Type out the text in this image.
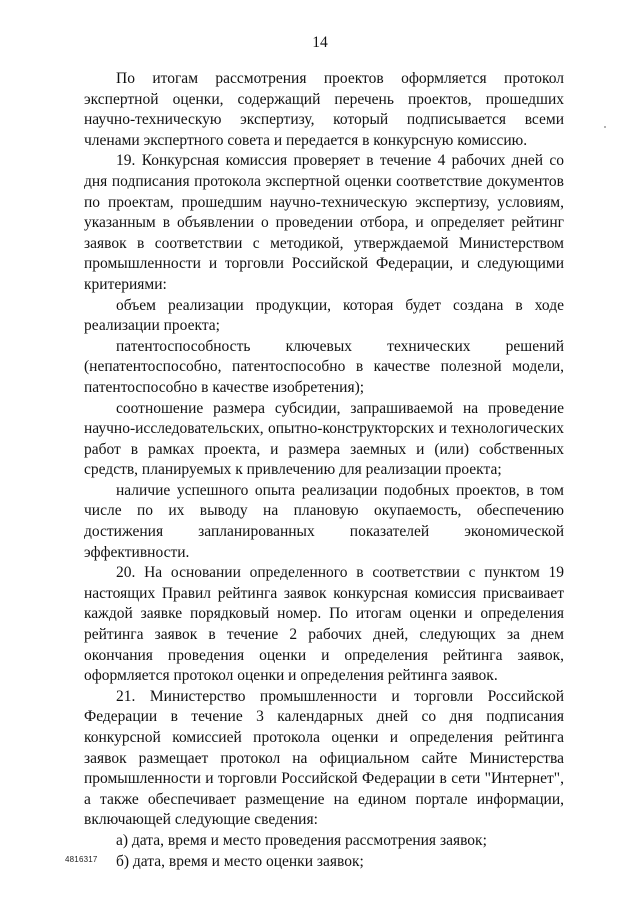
14

По итогам рассмотрения проектов оформляется протокол экспертной оценки, содержащий перечень проектов, прошедших научно-техническую экспертизу, который подписывается всеми членами экспертного совета и передается в конкурсную комиссию.

19. Конкурсная комиссия проверяет в течение 4 рабочих дней со дня подписания протокола экспертной оценки соответствие документов по проектам, прошедшим научно-техническую экспертизу, условиям, указанным в объявлении о проведении отбора, и определяет рейтинг заявок в соответствии с методикой, утверждаемой Министерством промышленности и торговли Российской Федерации, и следующими критериями:

объем реализации продукции, которая будет создана в ходе реализации проекта;

патентоспособность ключевых технических решений (непатентоспособно, патентоспособно в качестве полезной модели, патентоспособно в качестве изобретения);

соотношение размера субсидии, запрашиваемой на проведение научно-исследовательских, опытно-конструкторских и технологических работ в рамках проекта, и размера заемных и (или) собственных средств, планируемых к привлечению для реализации проекта;

наличие успешного опыта реализации подобных проектов, в том числе по их выводу на плановую окупаемость, обеспечению достижения запланированных показателей экономической эффективности.

20. На основании определенного в соответствии с пунктом 19 настоящих Правил рейтинга заявок конкурсная комиссия присваивает каждой заявке порядковый номер. По итогам оценки и определения рейтинга заявок в течение 2 рабочих дней, следующих за днем окончания проведения оценки и определения рейтинга заявок, оформляется протокол оценки и определения рейтинга заявок.

21. Министерство промышленности и торговли Российской Федерации в течение 3 календарных дней со дня подписания конкурсной комиссией протокола оценки и определения рейтинга заявок размещает протокол на официальном сайте Министерства промышленности и торговли Российской Федерации в сети "Интернет", а также обеспечивает размещение на едином портале информации, включающей следующие сведения:

а) дата, время и место проведения рассмотрения заявок;

б) дата, время и место оценки заявок;

4816317
